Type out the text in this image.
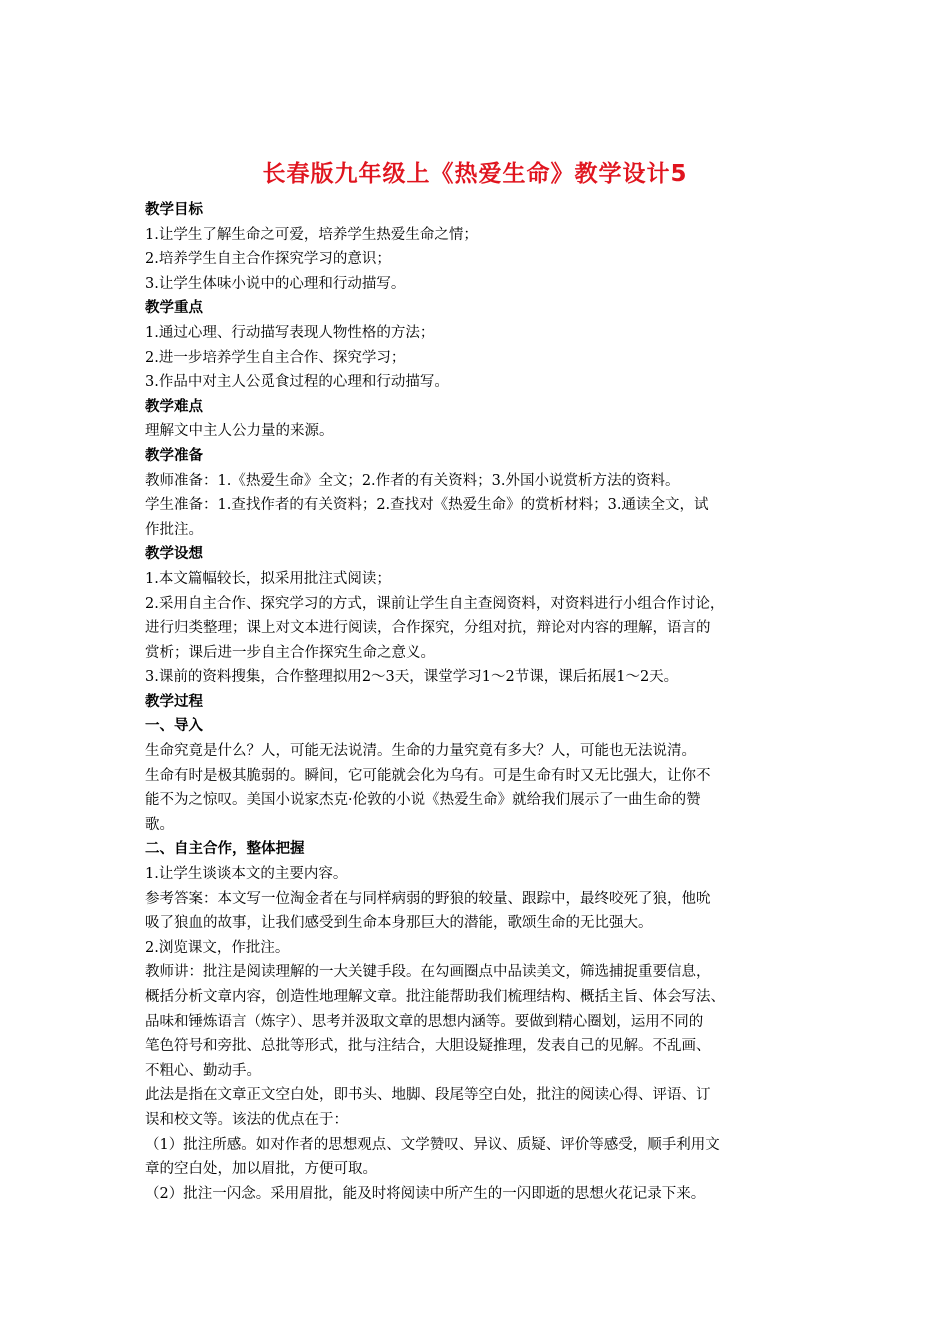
长春版九年级上《热爱生命》教学设计5
教学目标
1.让学生了解生命之可爱，培养学生热爱生命之情；
2.培养学生自主合作探究学习的意识；
3.让学生体味小说中的心理和行动描写。
教学重点
1.通过心理、行动描写表现人物性格的方法；
2.进一步培养学生自主合作、探究学习；
3.作品中对主人公觅食过程的心理和行动描写。
教学难点
理解文中主人公力量的来源。
教学准备
教师准备：1.《热爱生命》全文；2.作者的有关资料；3.外国小说赏析方法的资料。
学生准备：1.查找作者的有关资料；2.查找对《热爱生命》的赏析材料；3.通读全文，试
作批注。
教学设想
1.本文篇幅较长，拟采用批注式阅读；
2.采用自主合作、探究学习的方式，课前让学生自主查阅资料，对资料进行小组合作讨论，
进行归类整理；课上对文本进行阅读，合作探究，分组对抗，辩论对内容的理解，语言的
赏析；课后进一步自主合作探究生命之意义。
3.课前的资料搜集，合作整理拟用2～3天，课堂学习1～2节课，课后拓展1～2天。
教学过程
一、导入
生命究竟是什么？人，可能无法说清。生命的力量究竟有多大？人，可能也无法说清。
生命有时是极其脆弱的。瞬间，它可能就会化为乌有。可是生命有时又无比强大，让你不
能不为之惊叹。美国小说家杰克·伦敦的小说《热爱生命》就给我们展示了一曲生命的赞
歌。
二、自主合作，整体把握
1.让学生谈谈本文的主要内容。
参考答案：本文写一位淘金者在与同样病弱的野狼的较量、跟踪中，最终咬死了狼，他吮
吸了狼血的故事，让我们感受到生命本身那巨大的潜能，歌颂生命的无比强大。
2.浏览课文，作批注。
教师讲：批注是阅读理解的一大关键手段。在勾画圈点中品读美文，筛选捕捉重要信息，
概括分析文章内容，创造性地理解文章。批注能帮助我们梳理结构、概括主旨、体会写法、
品味和锤炼语言（炼字）、思考并汲取文章的思想内涵等。要做到精心圈划，运用不同的
笔色符号和旁批、总批等形式，批与注结合，大胆设疑推理，发表自己的见解。不乱画、
不粗心、勤动手。
此法是指在文章正文空白处，即书头、地脚、段尾等空白处，批注的阅读心得、评语、订
误和校文等。该法的优点在于：
（1）批注所感。如对作者的思想观点、文学赞叹、异议、质疑、评价等感受，顺手利用文
章的空白处，加以眉批，方便可取。
（2）批注一闪念。采用眉批，能及时将阅读中所产生的一闪即逝的思想火花记录下来。
